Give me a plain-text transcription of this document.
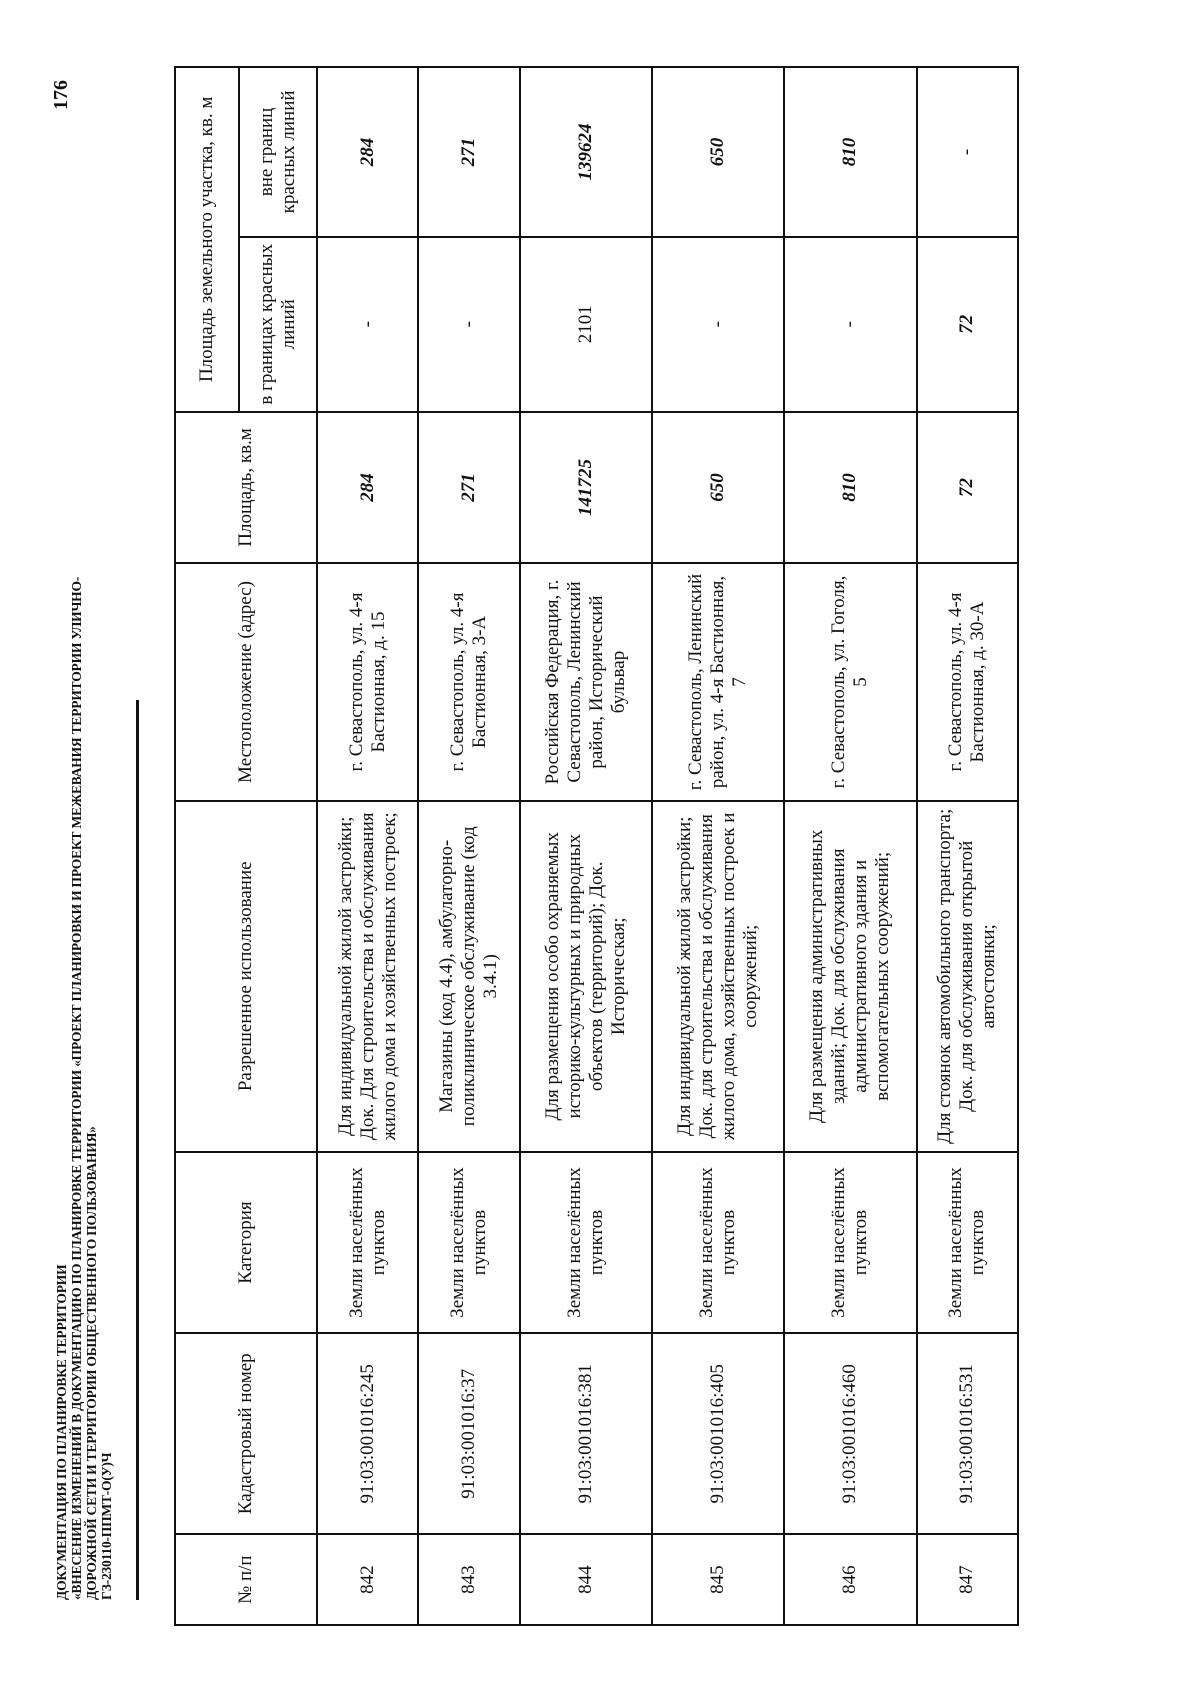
ДОКУМЕНТАЦИЯ ПО ПЛАНИРОВКЕ ТЕРРИТОРИИ «ВНЕСЕНИЕ ИЗМЕНЕНИЙ В ДОКУМЕНТАЦИЮ ПО ПЛАНИРОВКЕ ТЕРРИТОРИИ «ПРОЕКТ ПЛАНИРОВКИ И ПРОЕКТ МЕЖЕВАНИЯ ТЕРРИТОРИИ УЛИЧНО- ДОРОЖНОЙ СЕТИ И ТЕРРИТОРИИ ОБЩЕСТВЕННОГО ПОЛЬЗОВАНИЯ» ГЗ-230110-ППМТ-О(У)Ч
176
№ п/п	Кадастровый номер	Категория	Разрешенное использование	Местоположение (адрес)	Площадь, кв.м	Площадь земельного участка, кв. м	
						в границах красных линий	вне границ красных линий
842	91:03:001016:245	Земли населённых пунктов	Для индивидуальной жилой застройки; Док. Для строительства и обслуживания жилого дома и хозяйственных построек;	г. Севастополь, ул. 4-я Бастионная, д. 15	284	-	284
843	91:03:001016:37	Земли населённых пунктов	Магазины (код 4.4), амбулаторно-поликлиническое обслуживание (код 3.4.1)	г. Севастополь, ул. 4-я Бастионная, 3-А	271	-	271
844	91:03:001016:381	Земли населённых пунктов	Для размещения особо охраняемых историко-культурных и природных объектов (территорий); Док. Историческая;	Российская Федерация, г. Севастополь, Ленинский район, Исторический бульвар	141725	2101	139624
845	91:03:001016:405	Земли населённых пунктов	Для индивидуальной жилой застройки; Док. для строительства и обслуживания жилого дома, хозяйственных построек и сооружений;	г. Севастополь, Ленинский район, ул. 4-я Бастионная, 7	650	-	650
846	91:03:001016:460	Земли населённых пунктов	Для размещения административных зданий; Док. для обслуживания административного здания и вспомогательных сооружений;	г. Севастополь, ул. Гоголя, 5	810	-	810
847	91:03:001016:531	Земли населённых пунктов	Для стоянок автомобильного транспорта; Док. для обслуживания открытой автостоянки;	г. Севастополь, ул. 4-я Бастионная, д. 30-А	72	72	-
